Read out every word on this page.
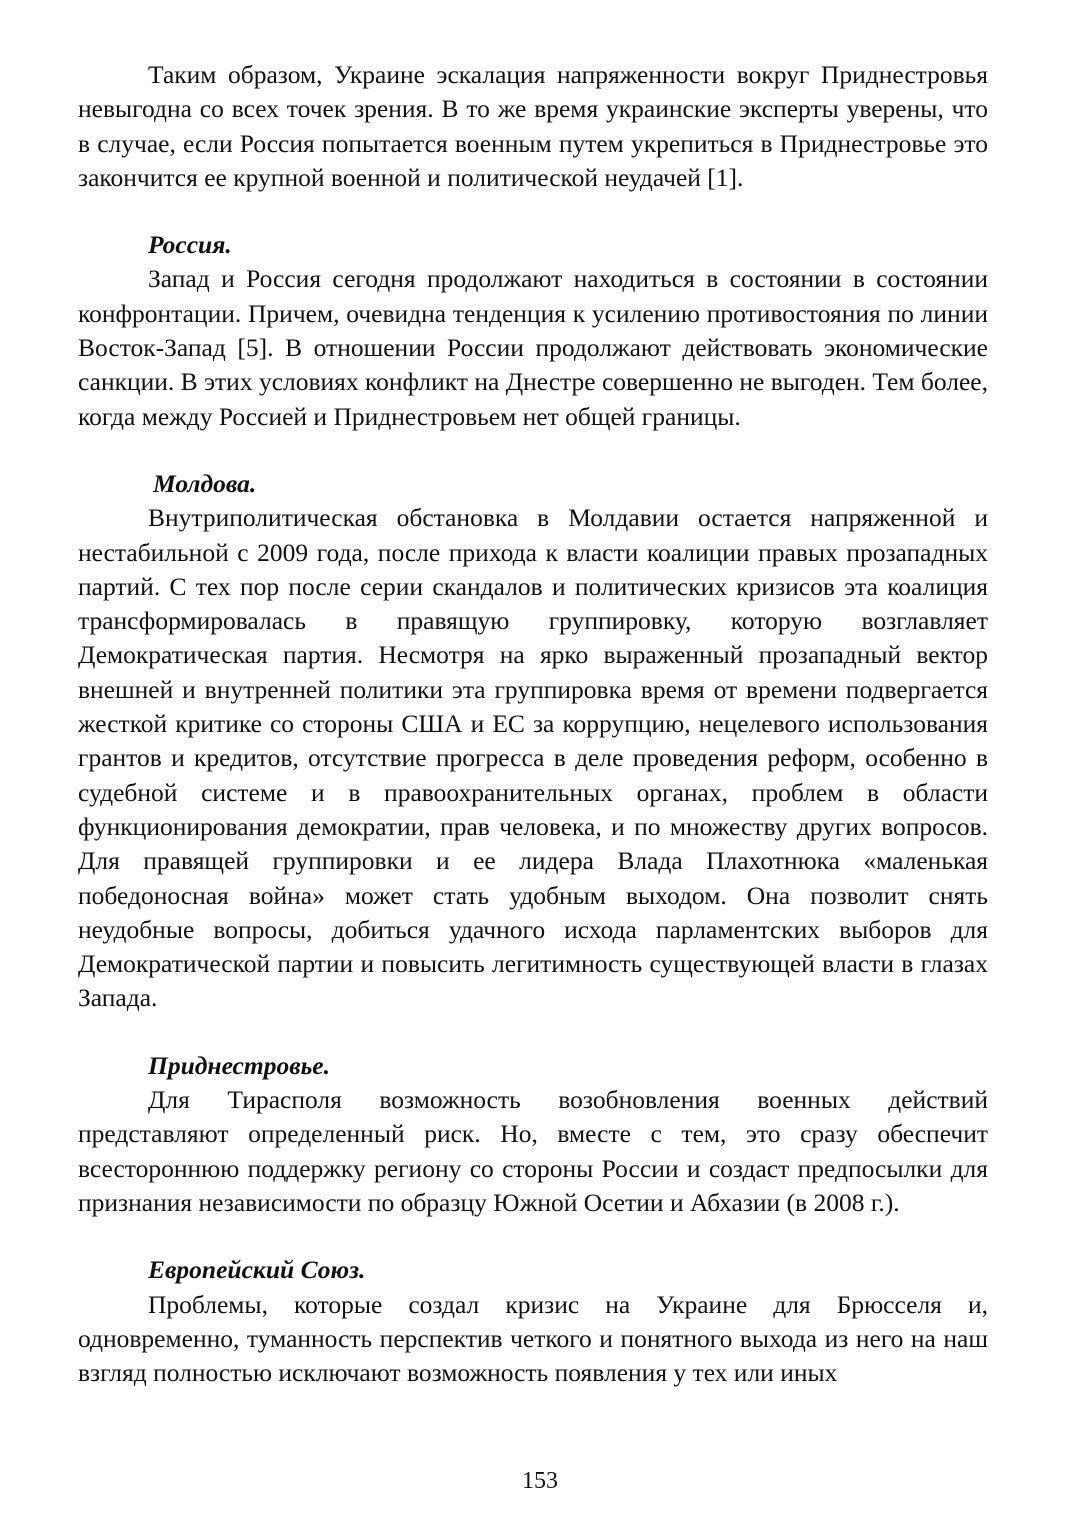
Таким образом, Украине эскалация напряженности вокруг Приднестровья невыгодна со всех точек зрения. В то же время украинские эксперты уверены, что в случае, если Россия попытается военным путем укрепиться в Приднестровье это закончится ее крупной военной и политической неудачей [1].

Россия.

Запад и Россия сегодня продолжают находиться в состоянии в состоянии конфронтации. Причем, очевидна тенденция к усилению противостояния по линии Восток-Запад [5]. В отношении России продолжают действовать экономические санкции. В этих условиях конфликт на Днестре совершенно не выгоден. Тем более, когда между Россией и Приднестровьем нет общей границы.

Молдова.

Внутриполитическая обстановка в Молдавии остается напряженной и нестабильной с 2009 года, после прихода к власти коалиции правых прозападных партий. С тех пор после серии скандалов и политических кризисов эта коалиция трансформировалась в правящую группировку, которую возглавляет Демократическая партия. Несмотря на ярко выраженный прозападный вектор внешней и внутренней политики эта группировка время от времени подвергается жесткой критике со стороны США и ЕС за коррупцию, нецелевого использования грантов и кредитов, отсутствие прогресса в деле проведения реформ, особенно в судебной системе и в правоохранительных органах, проблем в области функционирования демократии, прав человека, и по множеству других вопросов. Для правящей группировки и ее лидера Влада Плахотнюка «маленькая победоносная война» может стать удобным выходом. Она позволит снять неудобные вопросы, добиться удачного исхода парламентских выборов для Демократической партии и повысить легитимность существующей власти в глазах Запада.

Приднестровье.

Для Тирасполя возможность возобновления военных действий представляют определенный риск. Но, вместе с тем, это сразу обеспечит всестороннюю поддержку региону со стороны России и создаст предпосылки для признания независимости по образцу Южной Осетии и Абхазии (в 2008 г.).

Европейский Союз.

Проблемы, которые создал кризис на Украине для Брюсселя и, одновременно, туманность перспектив четкого и понятного выхода из него на наш взгляд полностью исключают возможность появления у тех или иных

153
